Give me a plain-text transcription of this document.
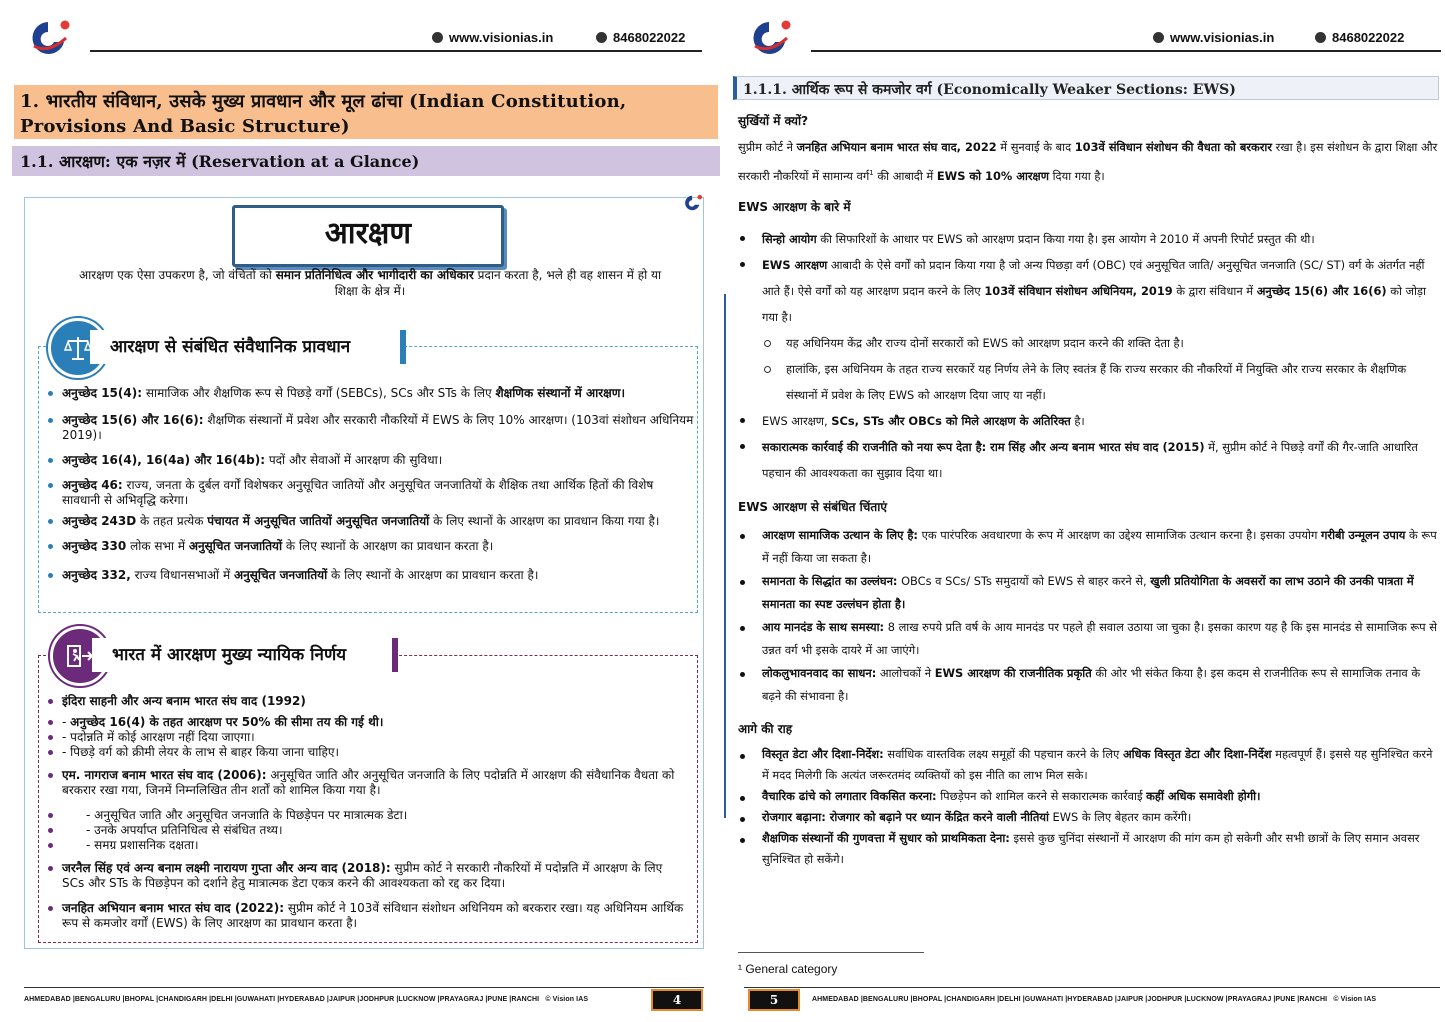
www.visionias.in	8468022022
1. भारतीय संविधान, उसके मुख्य प्रावधान और मूल ढांचा (Indian Constitution, Provisions And Basic Structure)
1.1. आरक्षण: एक नज़र में (Reservation at a Glance)
आरक्षण
आरक्षण एक ऐसा उपकरण है, जो वंचितों को समान प्रतिनिधित्व और भागीदारी का अधिकार प्रदान करता है, भले ही वह शासन में हो या शिक्षा के क्षेत्र में।
आरक्षण से संबंधित संवैधानिक प्रावधान
अनुच्छेद 15(4): सामाजिक और शैक्षणिक रूप से पिछड़े वर्गों (SEBCs), SCs और STs के लिए शैक्षणिक संस्थानों में आरक्षण।
अनुच्छेद 15(6) और 16(6): शैक्षणिक संस्थानों में प्रवेश और सरकारी नौकरियों में EWS के लिए 10% आरक्षण। (103वां संशोधन अधिनियम 2019)।
अनुच्छेद 16(4), 16(4a) और 16(4b): पदों और सेवाओं में आरक्षण की सुविधा।
अनुच्छेद 46: राज्य, जनता के दुर्बल वर्गों विशेषकर अनुसूचित जातियों और अनुसूचित जनजातियों के शैक्षिक तथा आर्थिक हितों की विशेष सावधानी से अभिवृद्धि करेगा।
अनुच्छेद 243D के तहत प्रत्येक पंचायत में अनुसूचित जातियों अनुसूचित जनजातियों के लिए स्थानों के आरक्षण का प्रावधान किया गया है।
अनुच्छेद 330 लोक सभा में अनुसूचित जनजातियों के लिए स्थानों के आरक्षण का प्रावधान करता है।
अनुच्छेद 332, राज्य विधानसभाओं में अनुसूचित जनजातियों के लिए स्थानों के आरक्षण का प्रावधान करता है।
भारत में आरक्षण मुख्य न्यायिक निर्णय
इंदिरा साहनी और अन्य बनाम भारत संघ वाद (1992)
- अनुच्छेद 16(4) के तहत आरक्षण पर 50% की सीमा तय की गई थी।
- पदोन्नति में कोई आरक्षण नहीं दिया जाएगा।
- पिछड़े वर्ग को क्रीमी लेयर के लाभ से बाहर किया जाना चाहिए।
एम. नागराज बनाम भारत संघ वाद (2006): अनुसूचित जाति और अनुसूचित जनजाति के लिए पदोन्नति में आरक्षण की संवैधानिक वैधता को बरकरार रखा गया, जिनमें निम्नलिखित तीन शर्तों को शामिल किया गया है।
- अनुसूचित जाति और अनुसूचित जनजाति के पिछड़ेपन पर मात्रात्मक डेटा।
- उनके अपर्याप्त प्रतिनिधित्व से संबंधित तथ्य।
- समग्र प्रशासनिक दक्षता।
जरनैल सिंह एवं अन्य बनाम लक्ष्मी नारायण गुप्ता और अन्य वाद (2018): सुप्रीम कोर्ट ने सरकारी नौकरियों में पदोन्नति में आरक्षण के लिए SCs और STs के पिछड़ेपन को दर्शाने हेतु मात्रात्मक डेटा एकत्र करने की आवश्यकता को रद्द कर दिया।
जनहित अभियान बनाम भारत संघ वाद (2022): सुप्रीम कोर्ट ने 103वें संविधान संशोधन अधिनियम को बरकरार रखा। यह अधिनियम आर्थिक रूप से कमजोर वर्गों (EWS) के लिए आरक्षण का प्रावधान करता है।
AHMEDABAD |BENGALURU |BHOPAL |CHANDIGARH |DELHI |GUWAHATI |HYDERABAD |JAIPUR |JODHPUR |LUCKNOW |PRAYAGRAJ |PUNE |RANCHI © Vision IAS	4
www.visionias.in	8468022022
1.1.1. आर्थिक रूप से कमजोर वर्ग (Economically Weaker Sections: EWS)
सुर्खियों में क्यों?
सुप्रीम कोर्ट ने जनहित अभियान बनाम भारत संघ वाद, 2022 में सुनवाई के बाद 103वें संविधान संशोधन की वैधता को बरकरार रखा है। इस संशोधन के द्वारा शिक्षा और सरकारी नौकरियों में सामान्य वर्ग$^1$ की आबादी में EWS को 10% आरक्षण दिया गया है।
EWS आरक्षण के बारे में
सिन्हो आयोग की सिफारिशों के आधार पर EWS को आरक्षण प्रदान किया गया है। इस आयोग ने 2010 में अपनी रिपोर्ट प्रस्तुत की थी।
EWS आरक्षण आबादी के ऐसे वर्गों को प्रदान किया गया है जो अन्य पिछड़ा वर्ग (OBC) एवं अनुसूचित जाति/ अनुसूचित जनजाति (SC/ ST) वर्ग के अंतर्गत नहीं आते हैं। ऐसे वर्गों को यह आरक्षण प्रदान करने के लिए 103वें संविधान संशोधन अधिनियम, 2019 के द्वारा संविधान में अनुच्छेद 15(6) और 16(6) को जोड़ा गया है।
यह अधिनियम केंद्र और राज्य दोनों सरकारों को EWS को आरक्षण प्रदान करने की शक्ति देता है।
हालांकि, इस अधिनियम के तहत राज्य सरकारें यह निर्णय लेने के लिए स्वतंत्र हैं कि राज्य सरकार की नौकरियों में नियुक्ति और राज्य सरकार के शैक्षणिक संस्थानों में प्रवेश के लिए EWS को आरक्षण दिया जाए या नहीं।
EWS आरक्षण, SCs, STs और OBCs को मिले आरक्षण के अतिरिक्त है।
सकारात्मक कार्रवाई की राजनीति को नया रूप देता है: राम सिंह और अन्य बनाम भारत संघ वाद (2015) में, सुप्रीम कोर्ट ने पिछड़े वर्गों की गैर-जाति आधारित पहचान की आवश्यकता का सुझाव दिया था।
EWS आरक्षण से संबंधित चिंताएं
आरक्षण सामाजिक उत्थान के लिए है: एक पारंपरिक अवधारणा के रूप में आरक्षण का उद्देश्य सामाजिक उत्थान करना है। इसका उपयोग गरीबी उन्मूलन उपाय के रूप में नहीं किया जा सकता है।
समानता के सिद्धांत का उल्लंघन: OBCs व SCs/ STs समुदायों को EWS से बाहर करने से, खुली प्रतियोगिता के अवसरों का लाभ उठाने की उनकी पात्रता में समानता का स्पष्ट उल्लंघन होता है।
आय मानदंड के साथ समस्या: 8 लाख रुपये प्रति वर्ष के आय मानदंड पर पहले ही सवाल उठाया जा चुका है। इसका कारण यह है कि इस मानदंड से सामाजिक रूप से उन्नत वर्ग भी इसके दायरे में आ जाएंगे।
लोकलुभावनवाद का साधन: आलोचकों ने EWS आरक्षण की राजनीतिक प्रकृति की ओर भी संकेत किया है। इस कदम से राजनीतिक रूप से सामाजिक तनाव के बढ़ने की संभावना है।
आगे की राह
विस्तृत डेटा और दिशा-निर्देश: सर्वाधिक वास्तविक लक्ष्य समूहों की पहचान करने के लिए अधिक विस्तृत डेटा और दिशा-निर्देश महत्वपूर्ण हैं। इससे यह सुनिश्चित करने में मदद मिलेगी कि अत्यंत जरूरतमंद व्यक्तियों को इस नीति का लाभ मिल सके।
वैचारिक ढांचे को लगातार विकसित करना: पिछड़ेपन को शामिल करने से सकारात्मक कार्रवाई कहीं अधिक समावेशी होगी।
रोजगार बढ़ाना: रोजगार को बढ़ाने पर ध्यान केंद्रित करने वाली नीतियां EWS के लिए बेहतर काम करेंगी।
शैक्षणिक संस्थानों की गुणवत्ता में सुधार को प्राथमिकता देना: इससे कुछ चुनिंदा संस्थानों में आरक्षण की मांग कम हो सकेगी और सभी छात्रों के लिए समान अवसर सुनिश्चित हो सकेंगे।
¹ General category
5	AHMEDABAD |BENGALURU |BHOPAL |CHANDIGARH |DELHI |GUWAHATI |HYDERABAD |JAIPUR |JODHPUR |LUCKNOW |PRAYAGRAJ |PUNE |RANCHI © Vision IAS
